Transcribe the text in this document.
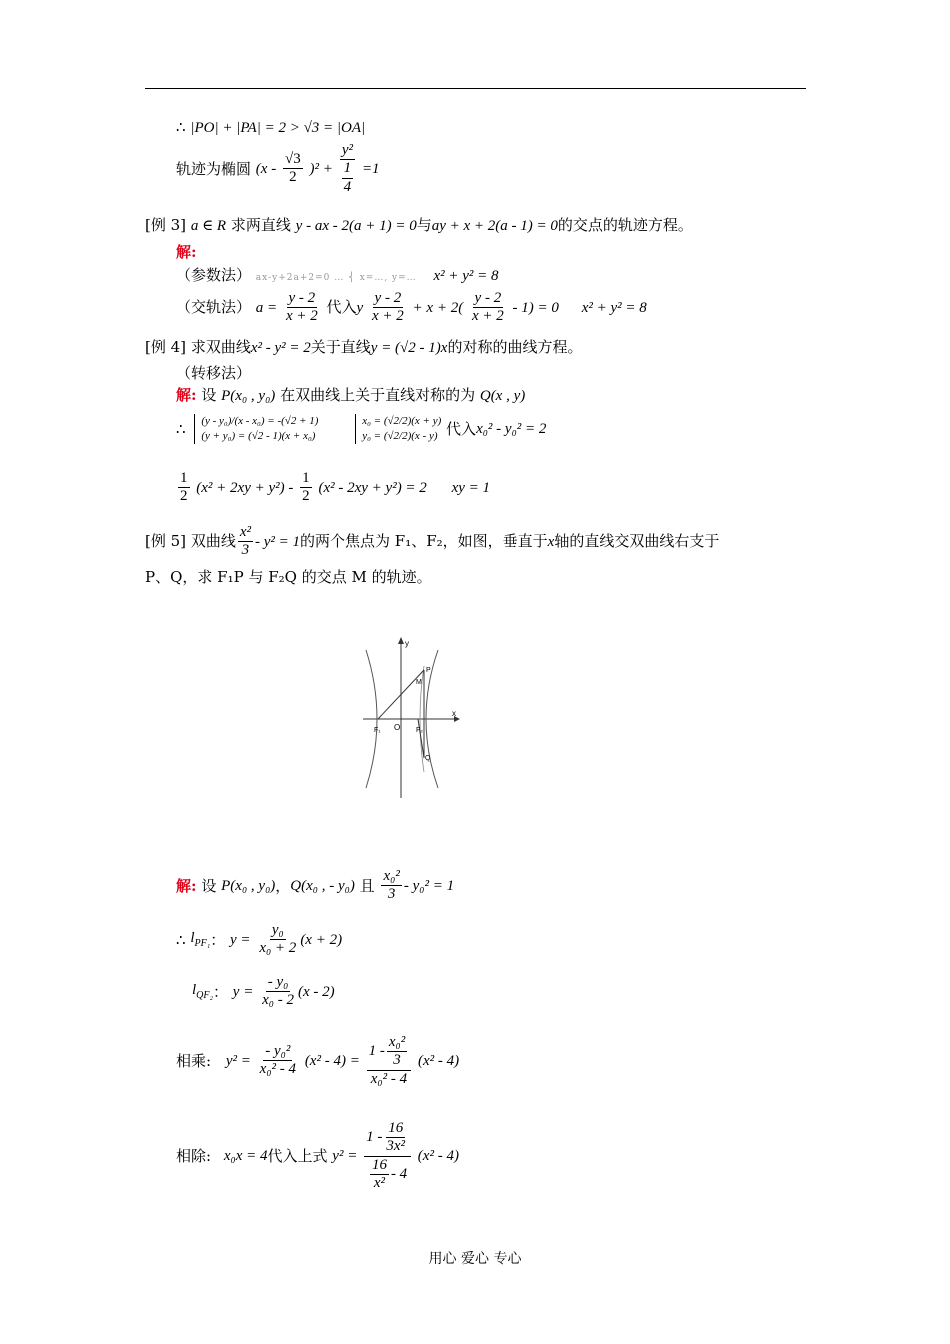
∴ |PO| + |PA| = 2 > √3 = |OA|
轨迹为椭圆 $(x - \frac{√3}{2} )^2 + \frac{\text{y²}}{\frac{1}{4}} =1$
[例 3] a ∈ R 求两直线 y - ax - 2(a + 1) = 0与ay + x + 2(a - 1) = 0的交点的轨迹方程。
解:
（参数法） ax-y+2a+2=0 … ⎨ x=…, y=… x² + y² = 8
（交轨法） $a = \frac{y - 2}{x + 2}$ 代入y $\frac{y - 2}{x + 2} + x + 2( \frac{y - 2}{x + 2} - 1) = 0$ x² + y² = 8
[例 4] 求双曲线x² - y² = 2关于直线y = (√2 - 1)x的对称的曲线方程。
（转移法）
解: 设 P(x₀ , y₀) 在双曲线上关于直线对称的为 Q(x , y)
∴ (y - y₀)/(x - x₀) = -(√2 + 1)
(y + y₀) = (√2 - 1)(x + x₀) x₀ = (√2/2)(x + y)
y₀ = (√2/2)(x - y) 代入x₀² - y₀² = 2
$\frac{1}{2} (x^2 + 2xy + y^2) - \frac{1}{2} (x^2 - 2xy + y^2) = 2$ xy = 1
[例 5] 双曲线 $\frac{\text{x²}}{3} - y^2 = 1$的两个焦点为 F₁、F₂，如图，垂直于x轴的直线交双曲线右支于
P、Q，求 F₁P 与 F₂Q 的交点 M 的轨迹。
y
x
O
F₁	F₂
P
M
Q
解: 设 P(x₀ , y₀)，Q(x₀ , - y₀) 且 $\frac{\text{x₀²}}{3} - y_0^2 = 1$
∴ $l_{PF_1}$： $y = \frac{\text{y₀}}{\text{x₀ + 2}} (x + 2)$
$l_{QF_2}$： $y = \frac{\text{- y₀}}{\text{x₀ - 2}} (x - 2)$
相乘: $y^2 = \frac{\text{- y₀²}}{\text{x₀² - 4}} (x^2 - 4) = \frac{1 - \frac{\text{x₀²}}{3}}{\text{x₀² - 4}} (x^2 - 4)$
相除: x₀x = 4代入上式 $y^2 = \frac{1 - \frac{16}{\text{3x²}}}{\frac{16}{\text{x²}} - 4} (x^2 - 4)$
用心 爱心 专心
